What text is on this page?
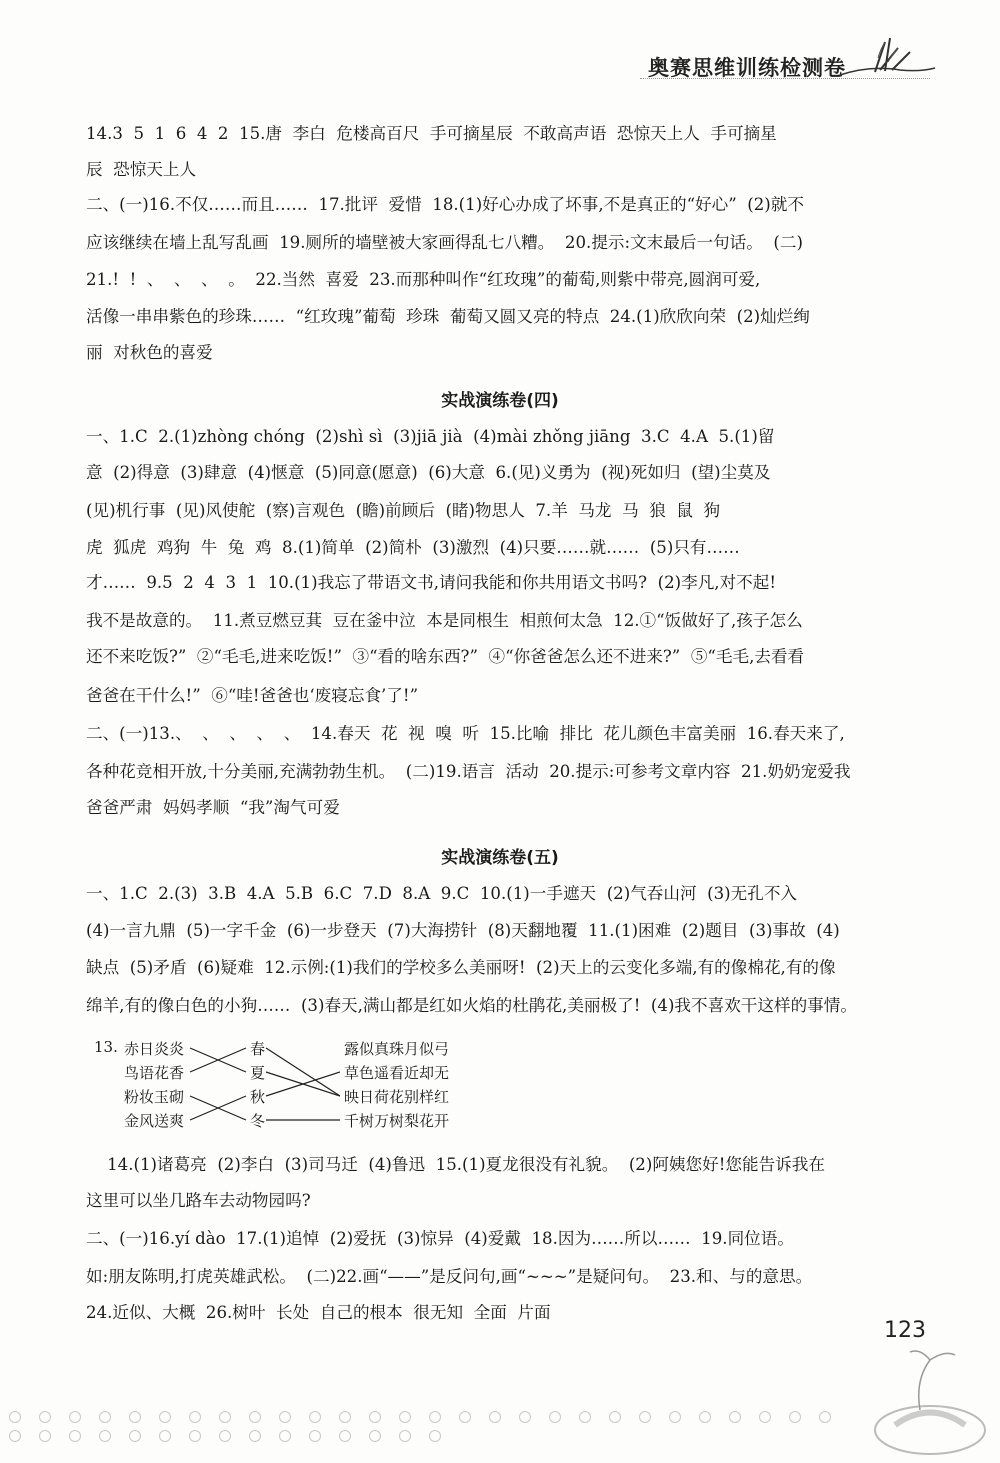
奥赛思维训练检测卷
14.3  5  1  6  4  2  15.唐  李白  危楼高百尺  手可摘星辰  不敢高声语  恐惊天上人  手可摘星
辰  恐惊天上人
二、(一)16.不仅……而且……  17.批评  爱惜  18.(1)好心办成了坏事,不是真正的“好心”  (2)就不
应该继续在墙上乱写乱画  19.厕所的墙壁被大家画得乱七八糟。  20.提示:文末最后一句话。  (二)
21.!  !  、  、  、  。  22.当然  喜爱  23.而那种叫作“红玫瑰”的葡萄,则紫中带亮,圆润可爱,
活像一串串紫色的珍珠……  “红玫瑰”葡萄  珍珠  葡萄又圆又亮的特点  24.(1)欣欣向荣  (2)灿烂绚
丽  对秋色的喜爱
实战演练卷(四)
一、1.C  2.(1)zhòng chóng  (2)shì sì  (3)jiā jià  (4)mài zhǒng jiāng  3.C  4.A  5.(1)留
意  (2)得意  (3)肆意  (4)惬意  (5)同意(愿意)  (6)大意  6.(见)义勇为  (视)死如归  (望)尘莫及
(见)机行事  (见)风使舵  (察)言观色  (瞻)前顾后  (睹)物思人  7.羊  马龙  马  狼  鼠  狗
虎  狐虎  鸡狗  牛  兔  鸡  8.(1)简单  (2)简朴  (3)激烈  (4)只要……就……  (5)只有……
才……  9.5  2  4  3  1  10.(1)我忘了带语文书,请问我能和你共用语文书吗?  (2)李凡,对不起!
我不是故意的。  11.煮豆燃豆萁  豆在釜中泣  本是同根生  相煎何太急  12.①“饭做好了,孩子怎么
还不来吃饭?”  ②“毛毛,进来吃饭!”  ③“看的啥东西?”  ④“你爸爸怎么还不进来?”  ⑤“毛毛,去看看
爸爸在干什么!”  ⑥“哇!爸爸也‘废寝忘食’了!”
二、(一)13.、  、  、  、  、  14.春天  花  视  嗅  听  15.比喻  排比  花儿颜色丰富美丽  16.春天来了,
各种花竞相开放,十分美丽,充满勃勃生机。  (二)19.语言  活动  20.提示:可参考文章内容  21.奶奶宠爱我
爸爸严肃  妈妈孝顺  “我”淘气可爱
实战演练卷(五)
一、1.C  2.(3)  3.B  4.A  5.B  6.C  7.D  8.A  9.C  10.(1)一手遮天  (2)气吞山河  (3)无孔不入
(4)一言九鼎  (5)一字千金  (6)一步登天  (7)大海捞针  (8)天翻地覆  11.(1)困难  (2)题目  (3)事故  (4)
缺点  (5)矛盾  (6)疑难  12.示例:(1)我们的学校多么美丽呀!  (2)天上的云变化多端,有的像棉花,有的像
绵羊,有的像白色的小狗……  (3)春天,满山都是红如火焰的杜鹃花,美丽极了!  (4)我不喜欢干这样的事情。
13. 赤日炎炎
鸟语花香
粉妆玉砌
金风送爽
春
夏
秋
冬
露似真珠月似弓
草色遥看近却无
映日荷花别样红
千树万树梨花开
14.(1)诸葛亮  (2)李白  (3)司马迁  (4)鲁迅  15.(1)夏龙很没有礼貌。  (2)阿姨您好!您能告诉我在
这里可以坐几路车去动物园吗?
二、(一)16.yí dào  17.(1)追悼  (2)爱抚  (3)惊异  (4)爱戴  18.因为……所以……  19.同位语。
如:朋友陈明,打虎英雄武松。  (二)22.画“——”是反问句,画“~~~”是疑问句。  23.和、与的意思。
24.近似、大概  26.树叶  长处  自己的根本  很无知  全面  片面
123
